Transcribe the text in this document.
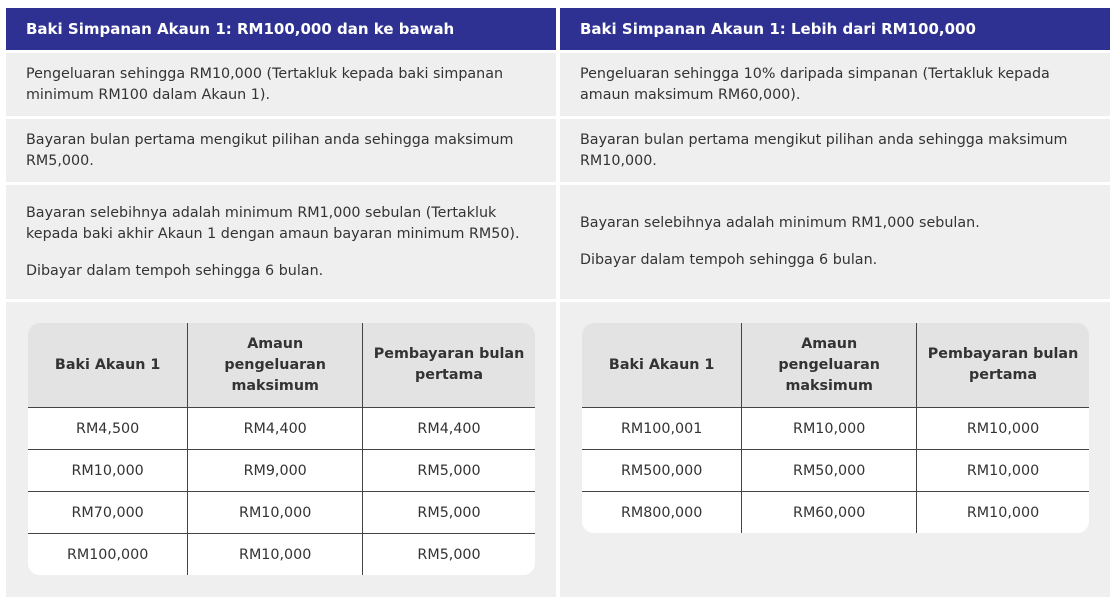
Baki Simpanan Akaun 1: RM100,000 dan ke bawah

Pengeluaran sehingga RM10,000 (Tertakluk kepada baki simpanan minimum RM100 dalam Akaun 1).

Bayaran bulan pertama mengikut pilihan anda sehingga maksimum RM5,000.

Bayaran selebihnya adalah minimum RM1,000 sebulan (Tertakluk kepada baki akhir Akaun 1 dengan amaun bayaran minimum RM50).

Dibayar dalam tempoh sehingga 6 bulan.

Baki Akaun 1	Amaun pengeluaran maksimum	Pembayaran bulan pertama
RM4,500	RM4,400	RM4,400
RM10,000	RM9,000	RM5,000
RM70,000	RM10,000	RM5,000
RM100,000	RM10,000	RM5,000
Baki Simpanan Akaun 1: Lebih dari RM100,000

Pengeluaran sehingga 10% daripada simpanan (Tertakluk kepada amaun maksimum RM60,000).

Bayaran bulan pertama mengikut pilihan anda sehingga maksimum RM10,000.

Bayaran selebihnya adalah minimum RM1,000 sebulan.

Dibayar dalam tempoh sehingga 6 bulan.

Baki Akaun 1	Amaun pengeluaran maksimum	Pembayaran bulan pertama
RM100,001	RM10,000	RM10,000
RM500,000	RM50,000	RM10,000
RM800,000	RM60,000	RM10,000
